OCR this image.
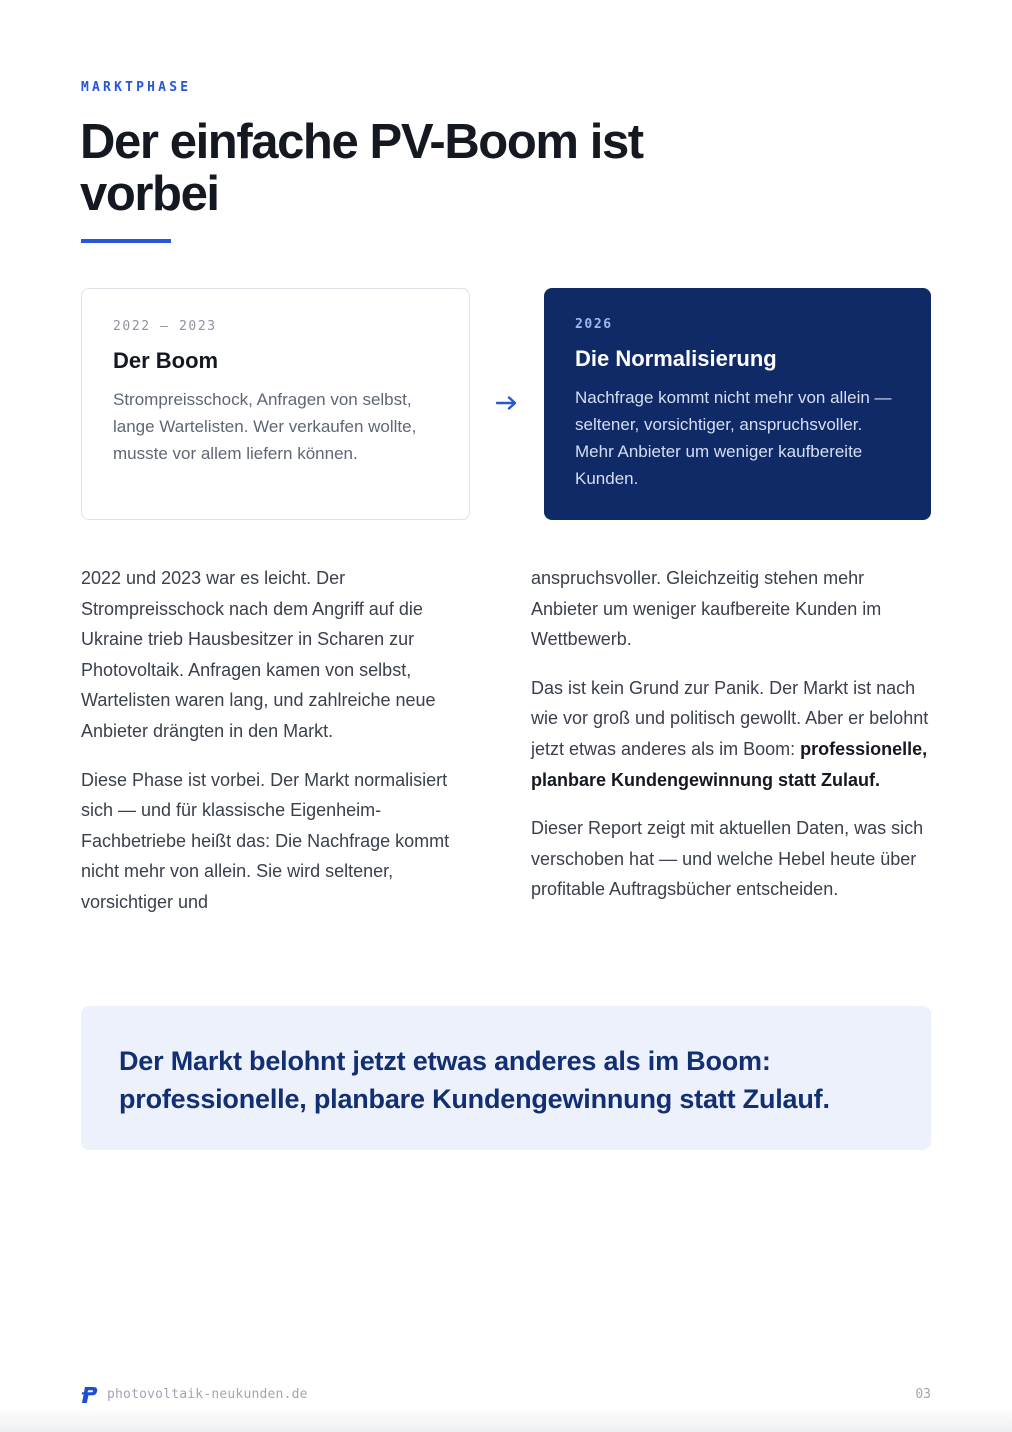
MARKTPHASE
Der einfache PV-Boom ist vorbei
2022 – 2023
Der Boom
Strompreisschock, Anfragen von selbst, lange Wartelisten. Wer verkaufen wollte, musste vor allem liefern können.
2026
Die Normalisierung
Nachfrage kommt nicht mehr von allein — seltener, vorsichtiger, anspruchsvoller. Mehr Anbieter um weniger kaufbereite Kunden.

2022 und 2023 war es leicht. Der Strompreisschock nach dem Angriff auf die Ukraine trieb Hausbesitzer in Scharen zur Photovoltaik. Anfragen kamen von selbst, Wartelisten waren lang, und zahlreiche neue Anbieter drängten in den Markt.

Diese Phase ist vorbei. Der Markt normalisiert sich — und für klassische Eigenheim-Fachbetriebe heißt das: Die Nachfrage kommt nicht mehr von allein. Sie wird seltener, vorsichtiger und

anspruchsvoller. Gleichzeitig stehen mehr Anbieter um weniger kaufbereite Kunden im Wettbewerb.

Das ist kein Grund zur Panik. Der Markt ist nach wie vor groß und politisch gewollt. Aber er belohnt jetzt etwas anderes als im Boom: professionelle, planbare Kundengewinnung statt Zulauf.

Dieser Report zeigt mit aktuellen Daten, was sich verschoben hat — und welche Hebel heute über profitable Auftragsbücher entscheiden.

Der Markt belohnt jetzt etwas anderes als im Boom: professionelle, planbare Kundengewinnung statt Zulauf.
photovoltaik-neukunden.de	03
